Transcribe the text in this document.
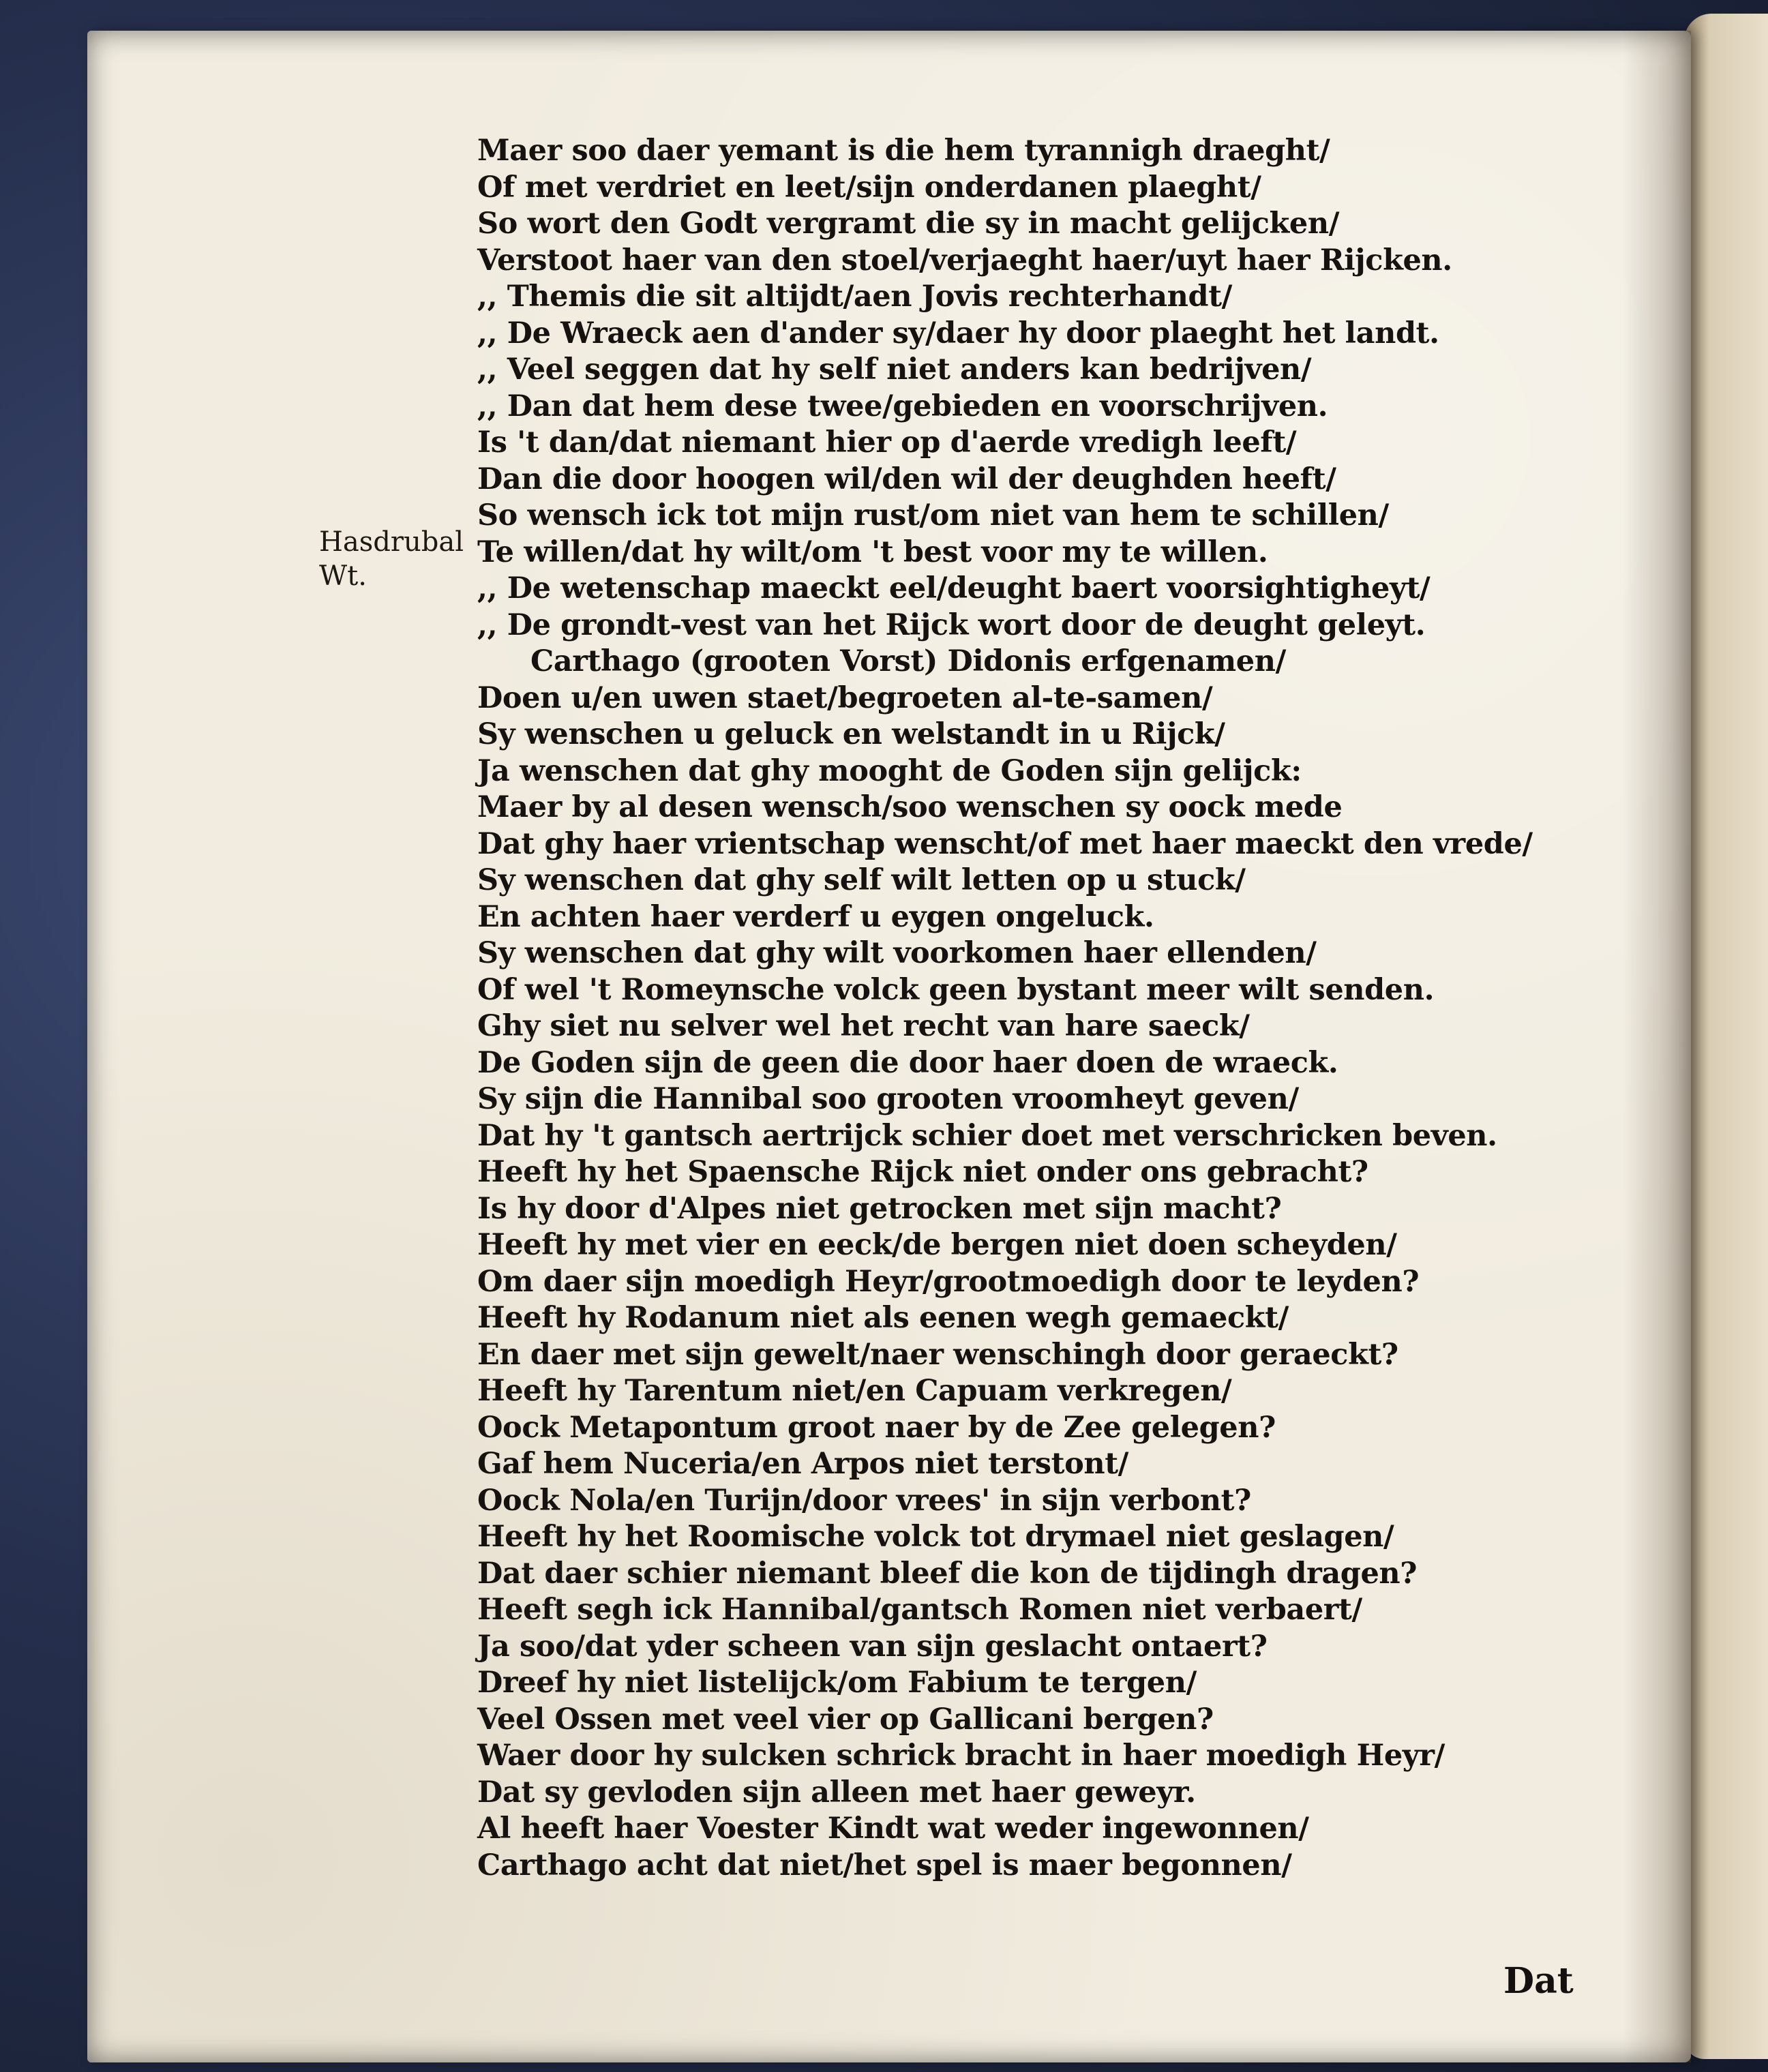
Hasdrubal
Wt.
Maer soo daer yemant is die hem tyrannigh draeght/
Of met verdriet en leet/sijn onderdanen plaeght/
So wort den Godt vergramt die sy in macht gelijcken/
Verstoot haer van den stoel/verjaeght haer/uyt haer Rijcken.
,, Themis die sit altijdt/aen Jovis rechterhandt/
,, De Wraeck aen d'ander sy/daer hy door plaeght het landt.
,, Veel seggen dat hy self niet anders kan bedrijven/
,, Dan dat hem dese twee/gebieden en voorschrijven.
Is 't dan/dat niemant hier op d'aerde vredigh leeft/
Dan die door hoogen wil/den wil der deughden heeft/
So wensch ick tot mijn rust/om niet van hem te schillen/
Te willen/dat hy wilt/om 't best voor my te willen.
,, De wetenschap maeckt eel/deught baert voorsightigheyt/
,, De grondt-vest van het Rijck wort door de deught geleyt.
Carthago (grooten Vorst) Didonis erfgenamen/
Doen u/en uwen staet/begroeten al-te-samen/
Sy wenschen u geluck en welstandt in u Rijck/
Ja wenschen dat ghy mooght de Goden sijn gelijck:
Maer by al desen wensch/soo wenschen sy oock mede
Dat ghy haer vrientschap wenscht/of met haer maeckt den vrede/
Sy wenschen dat ghy self wilt letten op u stuck/
En achten haer verderf u eygen ongeluck.
Sy wenschen dat ghy wilt voorkomen haer ellenden/
Of wel 't Romeynsche volck geen bystant meer wilt senden.
Ghy siet nu selver wel het recht van hare saeck/
De Goden sijn de geen die door haer doen de wraeck.
Sy sijn die Hannibal soo grooten vroomheyt geven/
Dat hy 't gantsch aertrijck schier doet met verschricken beven.
Heeft hy het Spaensche Rijck niet onder ons gebracht?
Is hy door d'Alpes niet getrocken met sijn macht?
Heeft hy met vier en eeck/de bergen niet doen scheyden/
Om daer sijn moedigh Heyr/grootmoedigh door te leyden?
Heeft hy Rodanum niet als eenen wegh gemaeckt/
En daer met sijn gewelt/naer wenschingh door geraeckt?
Heeft hy Tarentum niet/en Capuam verkregen/
Oock Metapontum groot naer by de Zee gelegen?
Gaf hem Nuceria/en Arpos niet terstont/
Oock Nola/en Turijn/door vrees' in sijn verbont?
Heeft hy het Roomische volck tot drymael niet geslagen/
Dat daer schier niemant bleef die kon de tijdingh dragen?
Heeft segh ick Hannibal/gantsch Romen niet verbaert/
Ja soo/dat yder scheen van sijn geslacht ontaert?
Dreef hy niet listelijck/om Fabium te tergen/
Veel Ossen met veel vier op Gallicani bergen?
Waer door hy sulcken schrick bracht in haer moedigh Heyr/
Dat sy gevloden sijn alleen met haer geweyr.
Al heeft haer Voester Kindt wat weder ingewonnen/
Carthago acht dat niet/het spel is maer begonnen/
Dat
